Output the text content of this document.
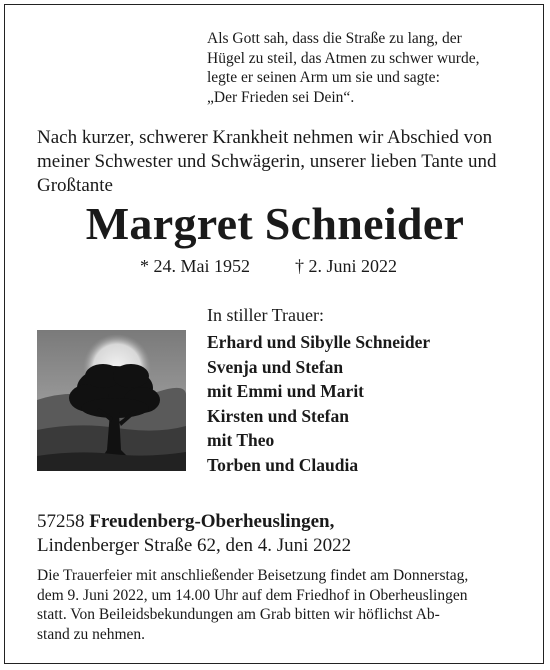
Als Gott sah, dass die Straße zu lang, der
Hügel zu steil, das Atmen zu schwer wurde,
legte er seinen Arm um sie und sagte:
„Der Frieden sei Dein“.
Nach kurzer, schwerer Krankheit nehmen wir Abschied von
meiner Schwester und Schwägerin, unserer lieben Tante und
Großtante
Margret Schneider
* 24. Mai 1952	† 2. Juni 2022
In stiller Trauer:
Erhard und Sibylle Schneider
Svenja und Stefan
mit Emmi und Marit
Kirsten und Stefan
mit Theo
Torben und Claudia
57258 Freudenberg-Oberheuslingen,
Lindenberger Straße 62, den 4. Juni 2022
Die Trauerfeier mit anschließender Beisetzung findet am Donnerstag,
dem 9. Juni 2022, um 14.00 Uhr auf dem Friedhof in Oberheuslingen
statt. Von Beileidsbekundungen am Grab bitten wir höflichst Ab-
stand zu nehmen.
